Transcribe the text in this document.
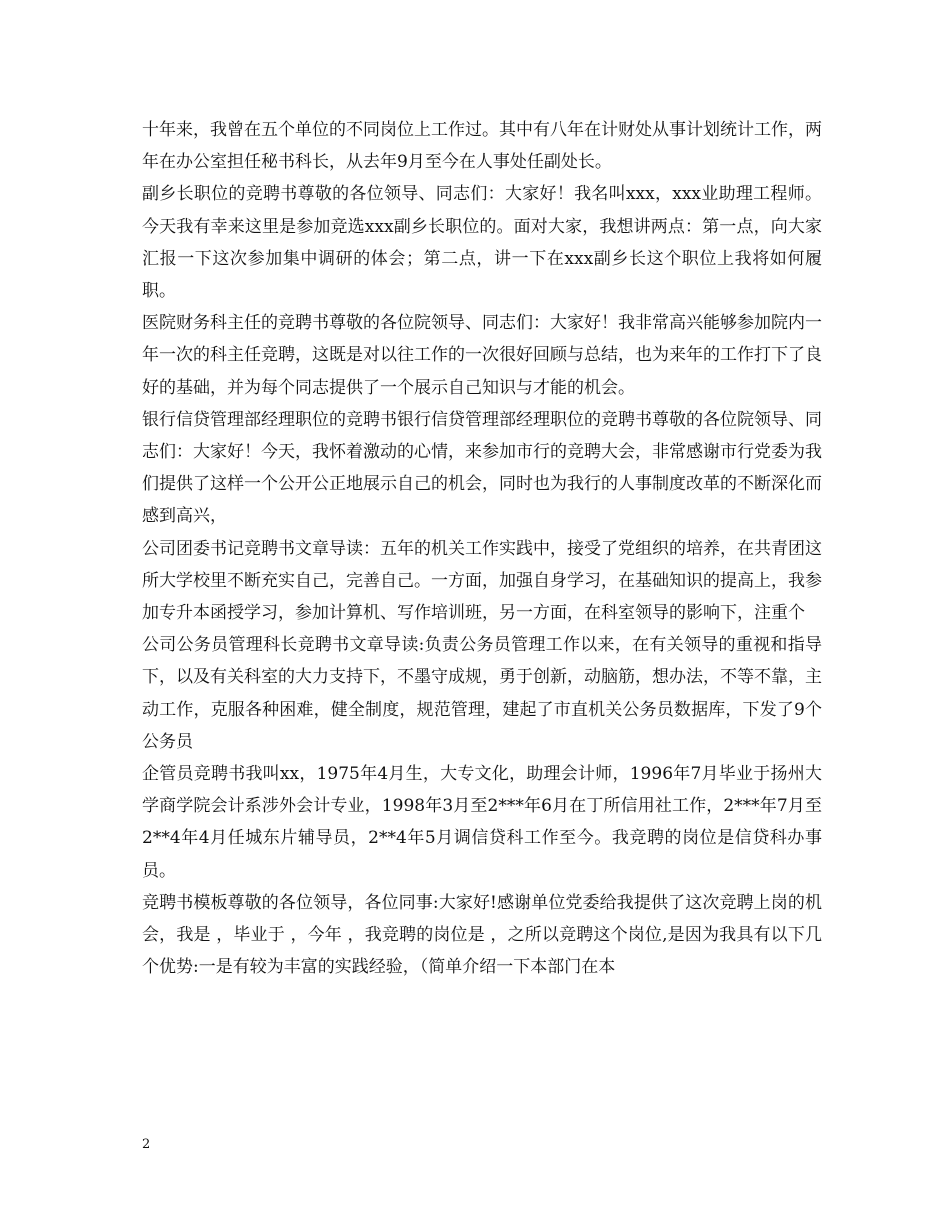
十年来，我曾在五个单位的不同岗位上工作过。其中有八年在计财处从事计划统计工作，两年在办公室担任秘书科长，从去年9月至今在人事处任副处长。

副乡长职位的竞聘书尊敬的各位领导、同志们：大家好！我名叫xxx，xxx业助理工程师。今天我有幸来这里是参加竞选xxx副乡长职位的。面对大家，我想讲两点：第一点，向大家汇报一下这次参加集中调研的体会；第二点，讲一下在xxx副乡长这个职位上我将如何履职。

医院财务科主任的竞聘书尊敬的各位院领导、同志们：大家好！我非常高兴能够参加院内一年一次的科主任竞聘，这既是对以往工作的一次很好回顾与总结，也为来年的工作打下了良好的基础，并为每个同志提供了一个展示自己知识与才能的机会。

银行信贷管理部经理职位的竞聘书银行信贷管理部经理职位的竞聘书尊敬的各位院领导、同志们：大家好！今天，我怀着激动的心情，来参加市行的竞聘大会，非常感谢市行党委为我们提供了这样一个公开公正地展示自己的机会，同时也为我行的人事制度改革的不断深化而感到高兴，

公司团委书记竞聘书文章导读：五年的机关工作实践中，接受了党组织的培养，在共青团这所大学校里不断充实自己，完善自己。一方面，加强自身学习，在基础知识的提高上，我参加专升本函授学习，参加计算机、写作培训班，另一方面，在科室领导的影响下，注重个

公司公务员管理科长竞聘书文章导读:负责公务员管理工作以来，在有关领导的重视和指导下，以及有关科室的大力支持下，不墨守成规，勇于创新，动脑筋，想办法，不等不靠，主动工作，克服各种困难，健全制度，规范管理，建起了市直机关公务员数据库，下发了9个公务员

企管员竞聘书我叫xx，1975年4月生，大专文化，助理会计师，1996年7月毕业于扬州大学商学院会计系涉外会计专业，1998年3月至2***年6月在丁所信用社工作，2***年7月至2**4年4月任城东片辅导员，2**4年5月调信贷科工作至今。我竞聘的岗位是信贷科办事员。

竞聘书模板尊敬的各位领导，各位同事:大家好!感谢单位党委给我提供了这次竞聘上岗的机会，我是 ，毕业于 ，今年 ，我竞聘的岗位是 ，之所以竞聘这个岗位,是因为我具有以下几个优势:一是有较为丰富的实践经验，（简单介绍一下本部门在本

2
